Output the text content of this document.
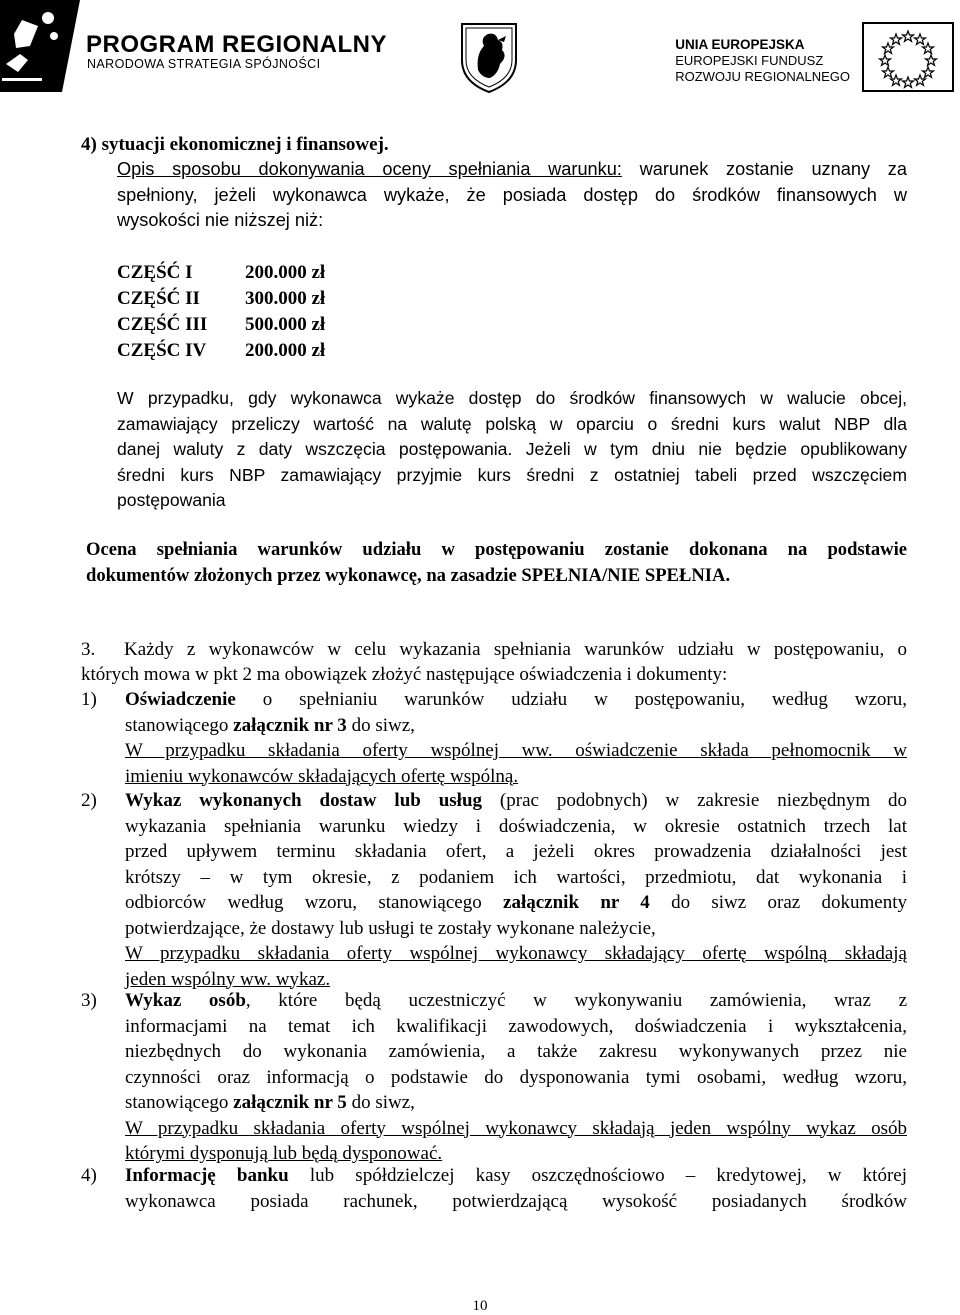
PROGRAM REGIONALNY
NARODOWA STRATEGIA SPÓJNOŚCI
UNIA EUROPEJSKA
EUROPEJSKI FUNDUSZ
ROZWOJU REGIONALNEGO
4) sytuacji ekonomicznej i finansowej.
Opis sposobu dokonywania oceny spełniania warunku: warunek zostanie uznany za
spełniony, jeżeli wykonawca wykaże, że posiada dostęp do środków finansowych w
wysokości nie niższej niż:
CZĘŚĆ I	200.000 zł
CZĘŚĆ II	300.000 zł
CZĘŚĆ III	500.000 zł
CZĘŚC IV	200.000 zł
W przypadku, gdy wykonawca wykaże dostęp do środków finansowych w walucie obcej,
zamawiający przeliczy wartość na walutę polską w oparciu o średni kurs walut NBP dla
danej waluty z daty wszczęcia postępowania. Jeżeli w tym dniu nie będzie opublikowany
średni kurs NBP zamawiający przyjmie kurs średni z ostatniej tabeli przed wszczęciem
postępowania
Ocena spełniania warunków udziału w postępowaniu zostanie dokonana na podstawie
dokumentów złożonych przez wykonawcę, na zasadzie SPEŁNIA/NIE SPEŁNIA.
3. Każdy z wykonawców w celu wykazania spełniania warunków udziału w postępowaniu, o
których mowa w pkt 2 ma obowiązek złożyć następujące oświadczenia i dokumenty:
1) Oświadczenie o spełnianiu warunków udziału w postępowaniu, według wzoru,
stanowiącego załącznik nr 3 do siwz,
W przypadku składania oferty wspólnej ww. oświadczenie składa pełnomocnik w
imieniu wykonawców składających ofertę wspólną.
2) Wykaz wykonanych dostaw lub usług (prac podobnych) w zakresie niezbędnym do
wykazania spełniania warunku wiedzy i doświadczenia, w okresie ostatnich trzech lat
przed upływem terminu składania ofert, a jeżeli okres prowadzenia działalności jest
krótszy – w tym okresie, z podaniem ich wartości, przedmiotu, dat wykonania i
odbiorców według wzoru, stanowiącego załącznik nr 4 do siwz oraz dokumenty
potwierdzające, że dostawy lub usługi te zostały wykonane należycie,
W przypadku składania oferty wspólnej wykonawcy składający ofertę wspólną składają
jeden wspólny ww. wykaz.
3) Wykaz osób, które będą uczestniczyć w wykonywaniu zamówienia, wraz z
informacjami na temat ich kwalifikacji zawodowych, doświadczenia i wykształcenia,
niezbędnych do wykonania zamówienia, a także zakresu wykonywanych przez nie
czynności oraz informacją o podstawie do dysponowania tymi osobami, według wzoru,
stanowiącego załącznik nr 5 do siwz,
W przypadku składania oferty wspólnej wykonawcy składają jeden wspólny wykaz osób
którymi dysponują lub będą dysponować.
4) Informację banku lub spółdzielczej kasy oszczędnościowo – kredytowej, w której
wykonawca posiada rachunek, potwierdzającą wysokość posiadanych środków
10
